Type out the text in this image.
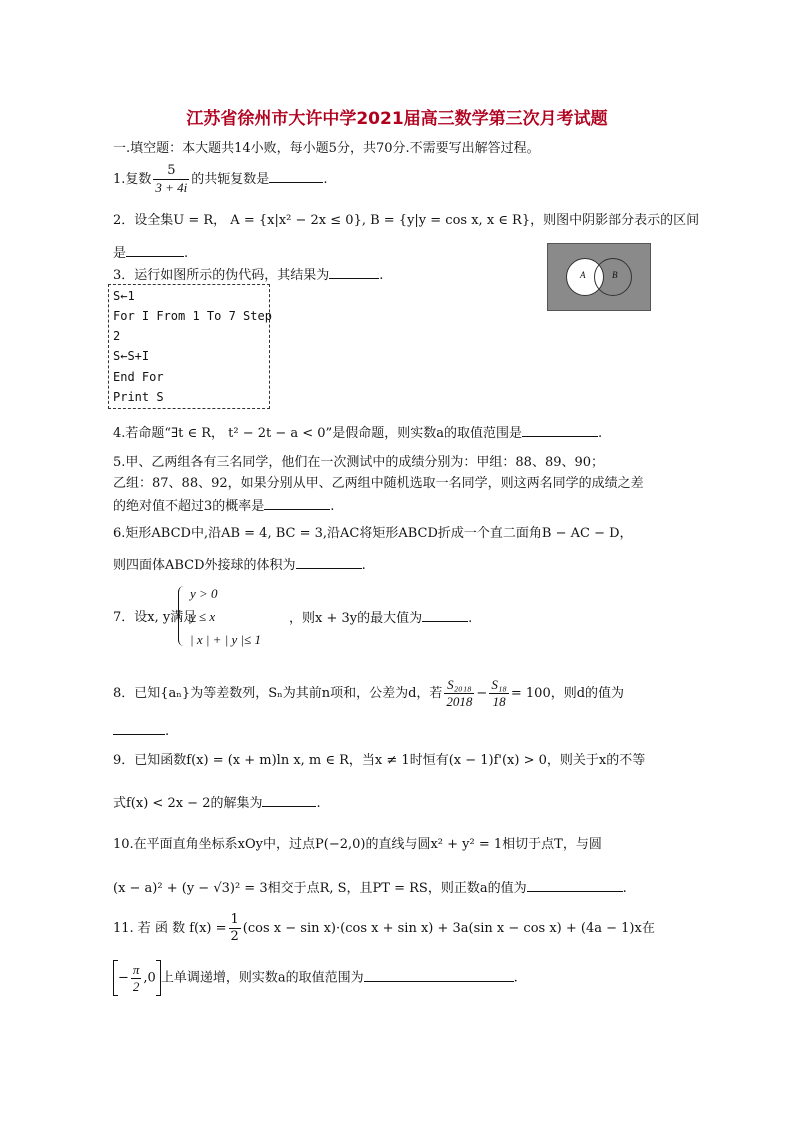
江苏省徐州市大许中学2021届高三数学第三次月考试题
一.填空题：本大题共14小败，每小题5分，共70分.不需要写出解答过程。
1.复数 $\frac{5}{3 + 4i}$ 的共轭复数是	.
2．设全集U = R， A = {x|x² − 2x ≤ 0}, B = {y|y = cos x, x ∈ R}，则图中阴影部分表示的区间
是	.
A	B
3．运行如图所示的伪代码，其结果为	.
S←1
For I From 1 To 7 Step
2
S←S+I
End For
Print S
4.若命题“∃t ∈ R， t² − 2t − a < 0”是假命题，则实数a的取值范围是	.
5.甲、乙两组各有三名同学，他们在一次测试中的成绩分别为：甲组：88、89、90；
乙组：87、88、92，如果分别从甲、乙两组中随机选取一名同学，则这两名同学的成绩之差
的绝对值不超过3的概率是	.
6.矩形ABCD中,沿AB = 4, BC = 3,沿AC将矩形ABCD折成一个直二面角B − AC − D，
则四面体ABCD外接球的体积为	.
7．设x, y满足
y > 0
y ≤ x
| x | + | y |≤ 1
，则x + 3y的最大值为	.
8．已知{aₙ}为等差数列，Sₙ为其前n项和，公差为d，若 $\frac{\text{S₂₀₁₈}}{2018} - \frac{\text{S₁₈}}{18} = 100$，则d的值为
.
9．已知函数f(x) = (x + m)ln x, m ∈ R，当x ≠ 1时恒有(x − 1)f'(x) > 0，则关于x的不等
式f(x) < 2x − 2的解集为	.
10.在平面直角坐标系xOy中，过点P(−2,0)的直线与圆x² + y² = 1相切于点T，与圆
(x − a)² + (y − √3)² = 3相交于点R, S，且PT = RS，则正数a的值为	.
11. 若 函 数 $f(x) = \frac{1}{2} (\cos$ x − sin x)·(cos x + sin x) + 3a(sin x − cos x) + (4a − 1)x在
− $\frac{\pi}{2} ,0$ 上单调递增，则实数a的取值范围为	.
